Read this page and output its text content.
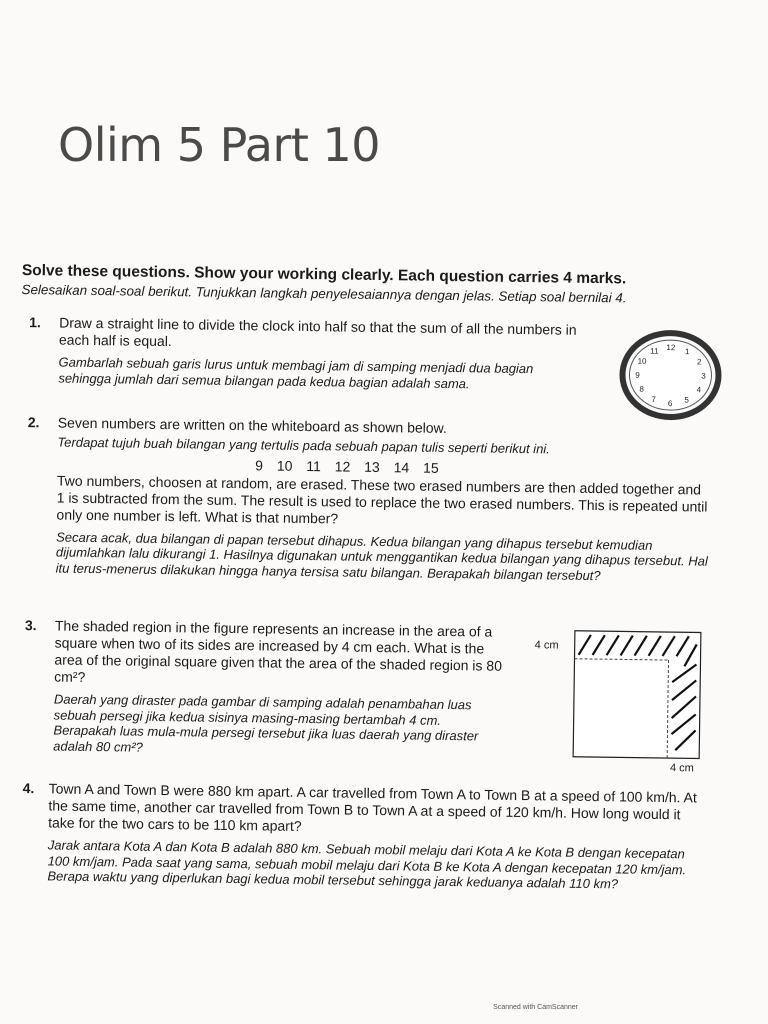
Olim 5 Part 10

Solve these questions. Show your working clearly. Each question carries 4 marks.

Selesaikan soal-soal berikut. Tunjukkan langkah penyelesaiannya dengan jelas. Setiap soal bernilai 4.

1. Draw a straight line to divide the clock into half so that the sum of all the numbers in each half is equal.

Gambarlah sebuah garis lurus untuk membagi jam di samping menjadi dua bagian sehingga jumlah dari semua bilangan pada kedua bagian adalah sama.

12
11
10
9
8
7 6 5
4
3
2
1
2. Seven numbers are written on the whiteboard as shown below.

Terdapat tujuh buah bilangan yang tertulis pada sebuah papan tulis seperti berikut ini.

9 10 11 12 13 14 15

Two numbers, choosen at random, are erased. These two erased numbers are then added together and 1 is subtracted from the sum. The result is used to replace the two erased numbers. This is repeated until only one number is left. What is that number?

Secara acak, dua bilangan di papan tersebut dihapus. Kedua bilangan yang dihapus tersebut kemudian dijumlahkan lalu dikurangi 1. Hasilnya digunakan untuk menggantikan kedua bilangan yang dihapus tersebut. Hal itu terus-menerus dilakukan hingga hanya tersisa satu bilangan. Berapakah bilangan tersebut?

3. The shaded region in the figure represents an increase in the area of a square when two of its sides are increased by 4 cm each. What is the area of the original square given that the area of the shaded region is 80 cm²?

Daerah yang diraster pada gambar di samping adalah penambahan luas sebuah persegi jika kedua sisinya masing-masing bertambah 4 cm. Berapakah luas mula-mula persegi tersebut jika luas daerah yang diraster adalah 80 cm²?

4 cm
4 cm
4. Town A and Town B were 880 km apart. A car travelled from Town A to Town B at a speed of 100 km/h. At the same time, another car travelled from Town B to Town A at a speed of 120 km/h. How long would it take for the two cars to be 110 km apart?

Jarak antara Kota A dan Kota B adalah 880 km. Sebuah mobil melaju dari Kota A ke Kota B dengan kecepatan 100 km/jam. Pada saat yang sama, sebuah mobil melaju dari Kota B ke Kota A dengan kecepatan 120 km/jam. Berapa waktu yang diperlukan bagi kedua mobil tersebut sehingga jarak keduanya adalah 110 km?

Scanned with CamScanner
